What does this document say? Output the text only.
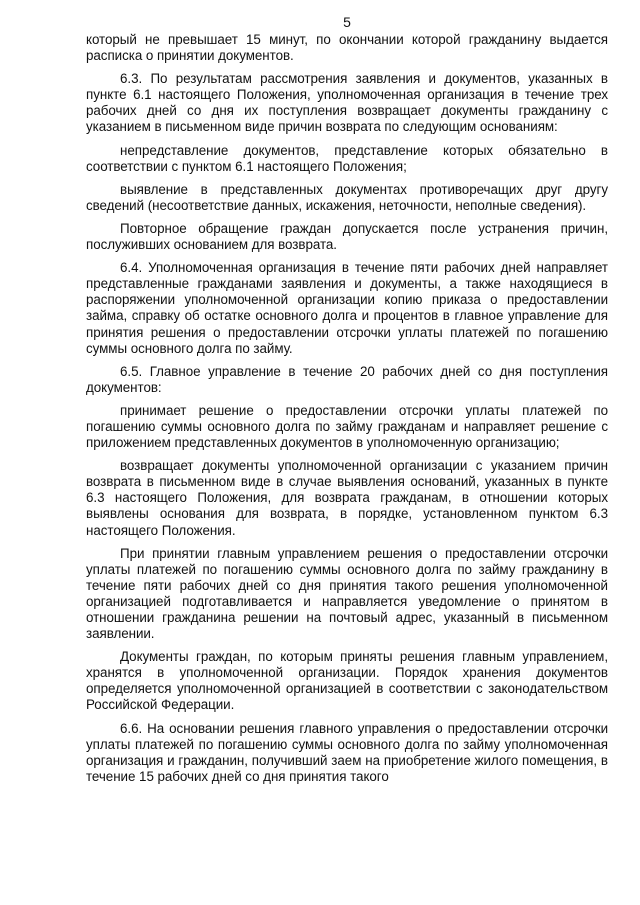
5

который не превышает 15 минут, по окончании которой гражданину выдается расписка о принятии документов.

6.3. По результатам рассмотрения заявления и документов, указанных в пункте 6.1 настоящего Положения, уполномоченная организация в течение трех рабочих дней со дня их поступления возвращает документы гражданину с указанием в письменном виде причин возврата по следующим основаниям:

непредставление документов, представление которых обязательно в соответствии с пунктом 6.1 настоящего Положения;

выявление в представленных документах противоречащих друг другу сведений (несоответствие данных, искажения, неточности, неполные сведения).

Повторное обращение граждан допускается после устранения причин, послуживших основанием для возврата.

6.4. Уполномоченная организация в течение пяти рабочих дней направляет представленные гражданами заявления и документы, а также находящиеся в распоряжении уполномоченной организации копию приказа о предоставлении займа, справку об остатке основного долга и процентов в главное управление для принятия решения о предоставлении отсрочки уплаты платежей по погашению суммы основного долга по займу.

6.5. Главное управление в течение 20 рабочих дней со дня поступления документов:

принимает решение о предоставлении отсрочки уплаты платежей по погашению суммы основного долга по займу гражданам и направляет решение с приложением представленных документов в уполномоченную организацию;

возвращает документы уполномоченной организации с указанием причин возврата в письменном виде в случае выявления оснований, указанных в пункте 6.3 настоящего Положения, для возврата гражданам, в отношении которых выявлены основания для возврата, в порядке, установленном пунктом 6.3 настоящего Положения.

При принятии главным управлением решения о предоставлении отсрочки уплаты платежей по погашению суммы основного долга по займу гражданину в течение пяти рабочих дней со дня принятия такого решения уполномоченной организацией подготавливается и направляется уведомление о принятом в отношении гражданина решении на почтовый адрес, указанный в письменном заявлении.

Документы граждан, по которым приняты решения главным управлением, хранятся в уполномоченной организации. Порядок хранения документов определяется уполномоченной организацией в соответствии с законодательством Российской Федерации.

6.6. На основании решения главного управления о предоставлении отсрочки уплаты платежей по погашению суммы основного долга по займу уполномоченная организация и гражданин, получивший заем на приобретение жилого помещения, в течение 15 рабочих дней со дня принятия такого
